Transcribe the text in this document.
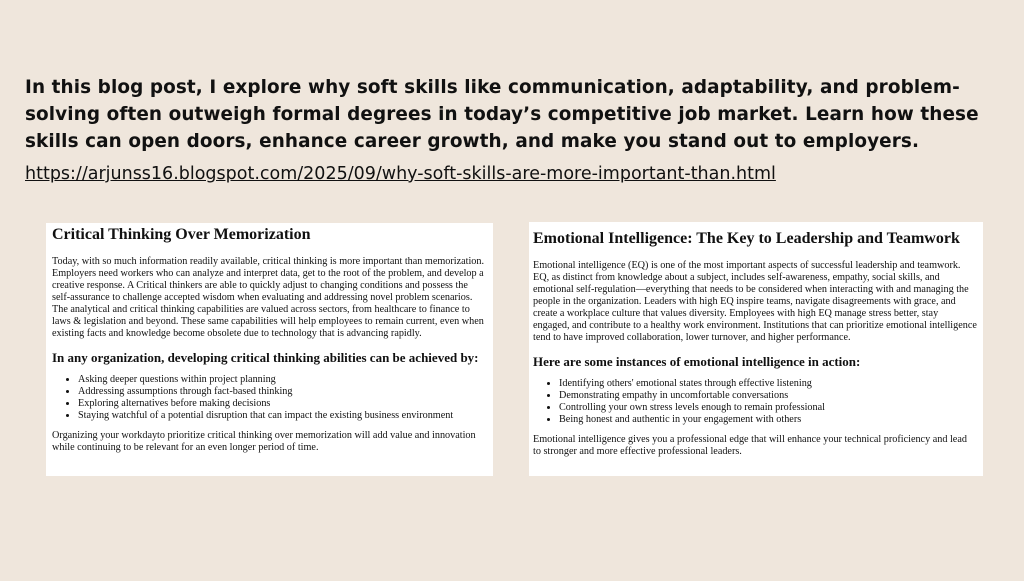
In this blog post, I explore why soft skills like communication, adaptability, and problem-solving often outweigh formal degrees in today’s competitive job market. Learn how these skills can open doors, enhance career growth, and make you stand out to employers.

https://arjunss16.blogspot.com/2025/09/why-soft-skills-are-more-important-than.html
Critical Thinking Over Memorization

Today, with so much information readily available, critical thinking is more important than memorization. Employers need workers who can analyze and interpret data, get to the root of the problem, and develop a creative response. A Critical thinkers are able to quickly adjust to changing conditions and possess the self-assurance to challenge accepted wisdom when evaluating and addressing novel problem scenarios. The analytical and critical thinking capabilities are valued across sectors, from healthcare to finance to laws & legislation and beyond. These same capabilities will help employees to remain current, even when existing facts and knowledge become obsolete due to technology that is advancing rapidly.

In any organization, developing critical thinking abilities can be achieved by:
• Asking deeper questions within project planning
• Addressing assumptions through fact-based thinking
• Exploring alternatives before making decisions
• Staying watchful of a potential disruption that can impact the existing business environment

Organizing your workdayto prioritize critical thinking over memorization will add value and innovation while continuing to be relevant for an even longer period of time.

Emotional Intelligence: The Key to Leadership and Teamwork

Emotional intelligence (EQ) is one of the most important aspects of successful leadership and teamwork. EQ, as distinct from knowledge about a subject, includes self-awareness, empathy, social skills, and emotional self-regulation—everything that needs to be considered when interacting with and managing the people in the organization. Leaders with high EQ inspire teams, navigate disagreements with grace, and create a workplace culture that values diversity. Employees with high EQ manage stress better, stay engaged, and contribute to a healthy work environment. Institutions that can prioritize emotional intelligence tend to have improved collaboration, lower turnover, and higher performance.

Here are some instances of emotional intelligence in action:
• Identifying others' emotional states through effective listening
• Demonstrating empathy in uncomfortable conversations
• Controlling your own stress levels enough to remain professional
• Being honest and authentic in your engagement with others

Emotional intelligence gives you a professional edge that will enhance your technical proficiency and lead to stronger and more effective professional leaders.
